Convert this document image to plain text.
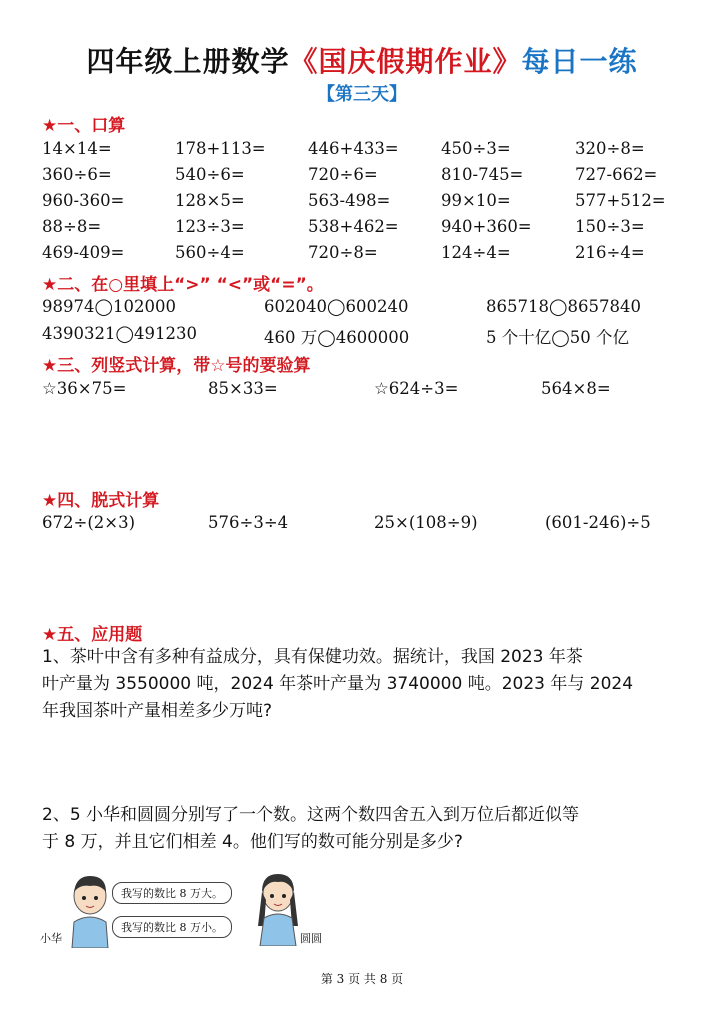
四年级上册数学《国庆假期作业》每日一练
【第三天】
★一、口算
14×14=	178+113=	446+433=	450÷3=	320÷8=
360÷6=	540÷6=	720÷6=	810-745=	727-662=
960-360=	128×5=	563-498=	99×10=	577+512=
88÷8=	123÷3=	538+462=	940+360=	150÷3=
469-409=	560÷4=	720÷8=	124÷4=	216÷4=
★二、在○里填上“>” “<”或“=”。
98974◯102000	602040◯600240	865718◯8657840
4390321◯491230	460 万◯4600000	5 个十亿◯50 个亿
★三、列竖式计算，带☆号的要验算
☆36×75=	85×33=	☆624÷3=	564×8=
★四、脱式计算
672÷(2×3)	576÷3÷4	25×(108÷9)	(601-246)÷5
★五、应用题
1、茶叶中含有多种有益成分，具有保健功效。据统计，我国 2023 年茶
叶产量为 3550000 吨，2024 年茶叶产量为 3740000 吨。2023 年与 2024
年我国茶叶产量相差多少万吨?
2、5 小华和圆圆分别写了一个数。这两个数四舍五入到万位后都近似等
于 8 万，并且它们相差 4。他们写的数可能分别是多少?
小华
我写的数比 8 万大。
我写的数比 8 万小。
圆圆
第 3 页 共 8 页
